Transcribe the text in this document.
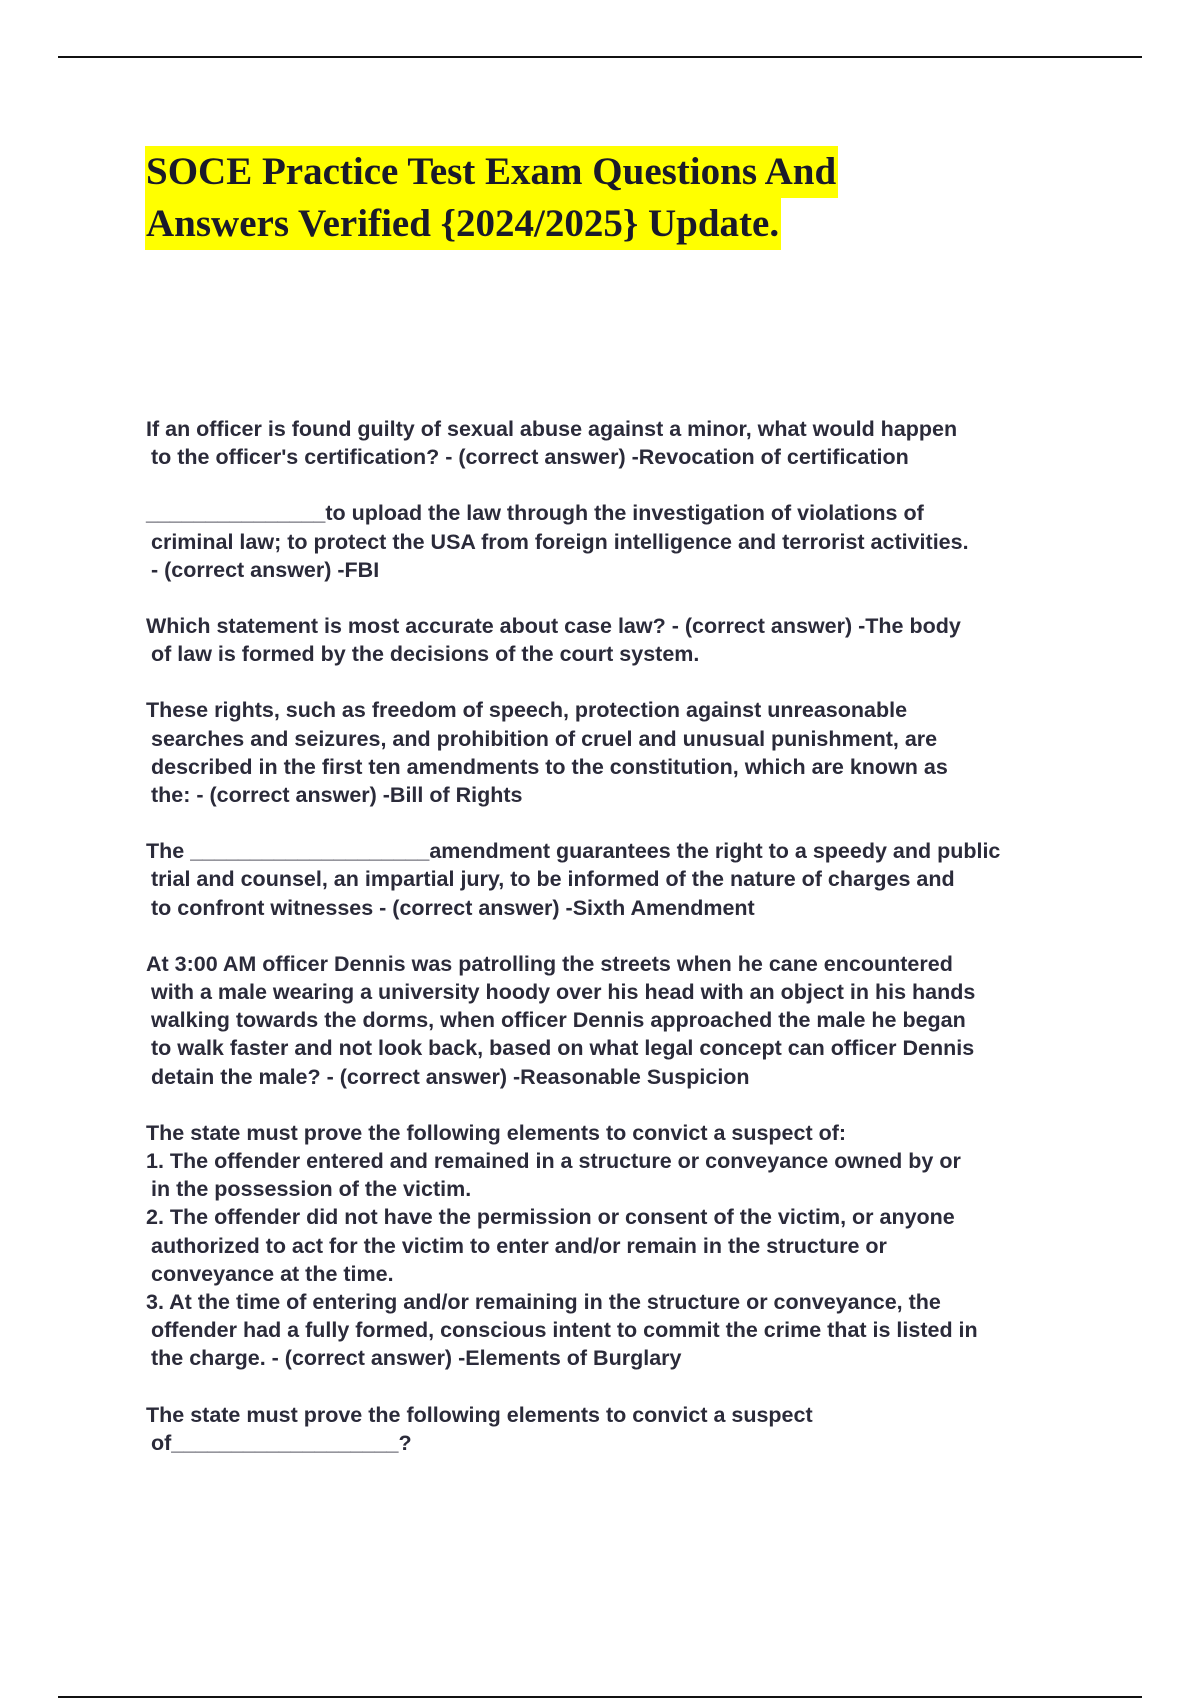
SOCE Practice Test Exam Questions And
Answers Verified {2024/2025} Update.

If an officer is found guilty of sexual abuse against a minor, what would happen

to the officer's certification? - (correct answer) -Revocation of certification

_______________to upload the law through the investigation of violations of

criminal law; to protect the USA from foreign intelligence and terrorist activities.

- (correct answer) -FBI

Which statement is most accurate about case law? - (correct answer) -The body

of law is formed by the decisions of the court system.

These rights, such as freedom of speech, protection against unreasonable

searches and seizures, and prohibition of cruel and unusual punishment, are

described in the first ten amendments to the constitution, which are known as

the: - (correct answer) -Bill of Rights

The ____________________amendment guarantees the right to a speedy and public

trial and counsel, an impartial jury, to be informed of the nature of charges and

to confront witnesses - (correct answer) -Sixth Amendment

At 3:00 AM officer Dennis was patrolling the streets when he cane encountered

with a male wearing a university hoody over his head with an object in his hands

walking towards the dorms, when officer Dennis approached the male he began

to walk faster and not look back, based on what legal concept can officer Dennis

detain the male? - (correct answer) -Reasonable Suspicion

The state must prove the following elements to convict a suspect of:

1. The offender entered and remained in a structure or conveyance owned by or

in the possession of the victim.

2. The offender did not have the permission or consent of the victim, or anyone

authorized to act for the victim to enter and/or remain in the structure or

conveyance at the time.

3. At the time of entering and/or remaining in the structure or conveyance, the

offender had a fully formed, conscious intent to commit the crime that is listed in

the charge. - (correct answer) -Elements of Burglary

The state must prove the following elements to convict a suspect

of___________________?
